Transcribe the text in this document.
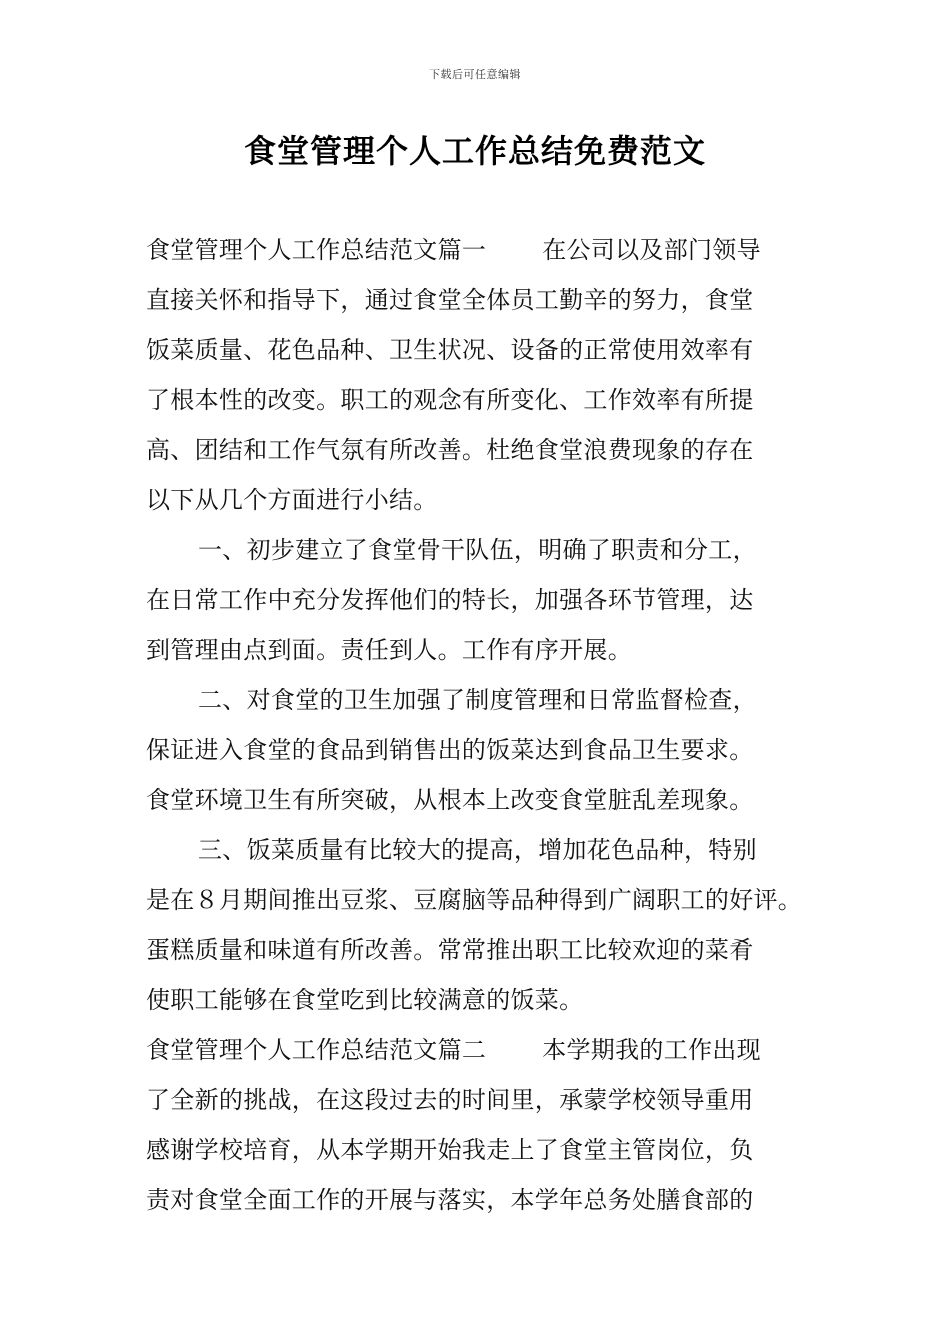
下载后可任意编辑
食堂管理个人工作总结免费范文
食堂管理个人工作总结范文篇一 在公司以及部门领导
直接关怀和指导下，通过食堂全体员工勤辛的努力，食堂
饭菜质量、花色品种、卫生状况、设备的正常使用效率有
了根本性的改变。职工的观念有所变化、工作效率有所提
高、团结和工作气氛有所改善。杜绝食堂浪费现象的存在
以下从几个方面进行小结。
一、初步建立了食堂骨干队伍，明确了职责和分工，
在日常工作中充分发挥他们的特长，加强各环节管理，达
到管理由点到面。责任到人。工作有序开展。
二、对食堂的卫生加强了制度管理和日常监督检查，
保证进入食堂的食品到销售出的饭菜达到食品卫生要求。
食堂环境卫生有所突破，从根本上改变食堂脏乱差现象。
三、饭菜质量有比较大的提高，增加花色品种，特别
是在８月期间推出豆浆、豆腐脑等品种得到广阔职工的好评。
蛋糕质量和味道有所改善。常常推出职工比较欢迎的菜肴
使职工能够在食堂吃到比较满意的饭菜。
食堂管理个人工作总结范文篇二 本学期我的工作出现
了全新的挑战，在这段过去的时间里，承蒙学校领导重用
感谢学校培育，从本学期开始我走上了食堂主管岗位，负
责对食堂全面工作的开展与落实，本学年总务处膳食部的
